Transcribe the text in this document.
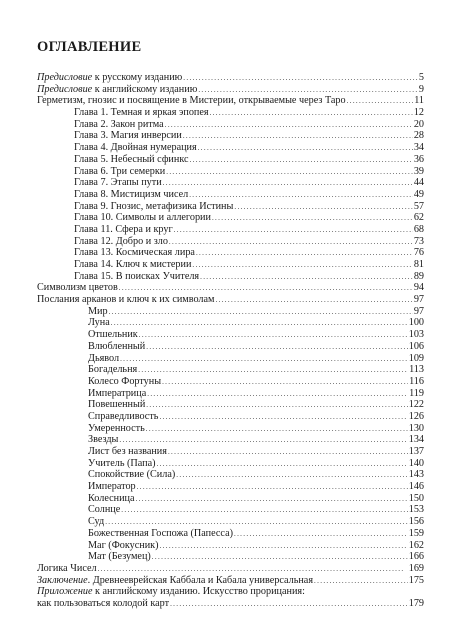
ОГЛАВЛЕНИЕ
Предисловие к русскому изданию . . .	5
Предисловие к английскому изданию . . .	9
Герметизм, гнозис и посвящение в Мистерии, открываемые через Таро . . .	11
Глава 1. Темная и яркая эпопея . . .	12
Глава 2. Закон ритма . . .	20
Глава 3. Магия инверсии . . .	28
Глава 4. Двойная нумерация . . .	34
Глава 5. Небесный сфинкс . . .	36
Глава 6. Три семерки . . .	39
Глава 7. Этапы пути . . .	44
Глава 8. Мистицизм чисел . . .	49
Глава 9. Гнозис, метафизика Истины . . .	57
Глава 10. Символы и аллегории . . .	62
Глава 11. Сфера и круг . . .	68
Глава 12. Добро и зло . . .	73
Глава 13. Космическая лира . . .	76
Глава 14. Ключ к мистерии . . .	81
Глава 15. В поисках Учителя . . .	89
Символизм цветов . . .	94
Послания арканов и ключ к их символам . . .	97
Мир . . .	97
Луна . . .	100
Отшельник . . .	103
Влюбленный . . .	106
Дьявол . . .	109
Богадельня . . .	113
Колесо Фортуны . . .	116
Императрица . . .	119
Повешенный . . .	122
Справедливость . . .	126
Умеренность . . .	130
Звезды . . .	134
Лист без названия . . .	137
Учитель (Папа) . . .	140
Спокойствие (Сила) . . .	143
Император . . .	146
Колесница . . .	150
Солнце . . .	153
Суд . . .	156
Божественная Госпожа (Папесса) . . .	159
Маг (Фокусник) . . .	162
Мат (Безумец) . . .	166
Логика Чисел . . .	169
Заключение. Древнееврейская Каббала и Кабала универсальная . . .	175
Приложение к английскому изданию. Искусство прорицания:
как пользоваться колодой карт . . .	179
